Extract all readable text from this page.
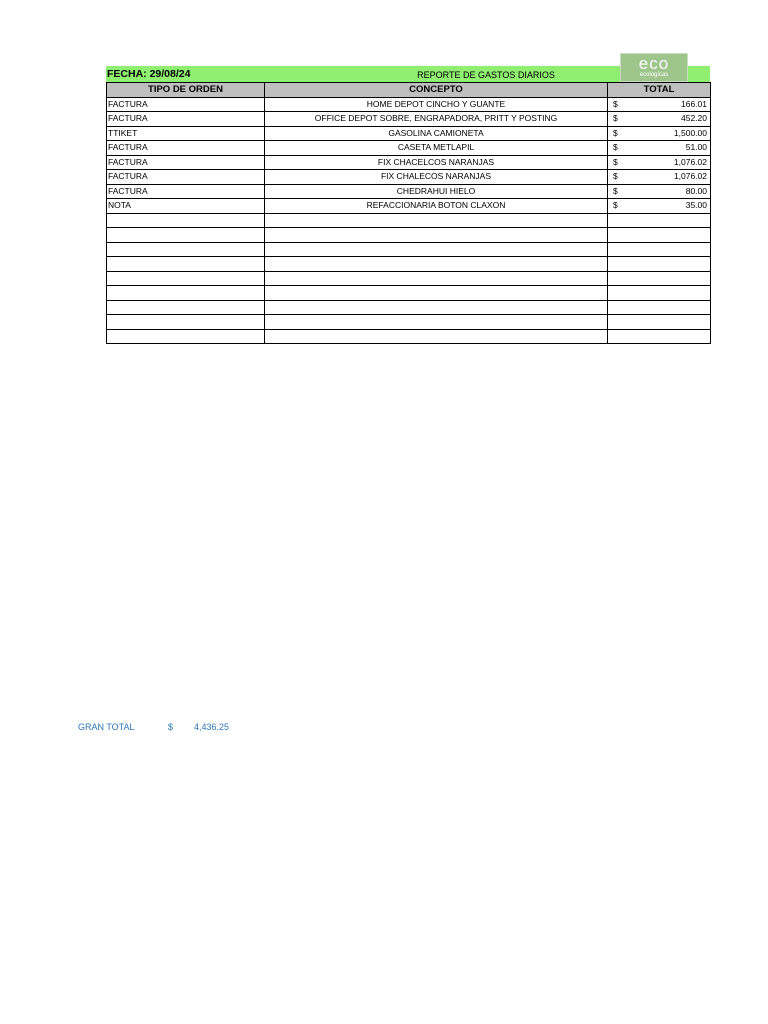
FECHA: 29/08/24	REPORTE DE GASTOS DIARIOS
eco
ecologicas
TIPO DE ORDEN	CONCEPTO	TOTAL
FACTURA	HOME DEPOT CINCHO Y GUANTE	$ 166.01
FACTURA	OFFICE DEPOT SOBRE, ENGRAPADORA, PRITT Y POSTING	$ 452.20
TTIKET	GASOLINA CAMIONETA	$ 1,500.00
FACTURA	CASETA METLAPIL	$ 51.00
FACTURA	FIX CHACELCOS NARANJAS	$ 1,076.02
FACTURA	FIX CHALECOS NARANJAS	$ 1,076.02
FACTURA	CHEDRAHUI HIELO	$ 80.00
NOTA	REFACCIONARIA BOTON CLAXON	$ 35.00

GRAN TOTAL	$ 4,436.25
